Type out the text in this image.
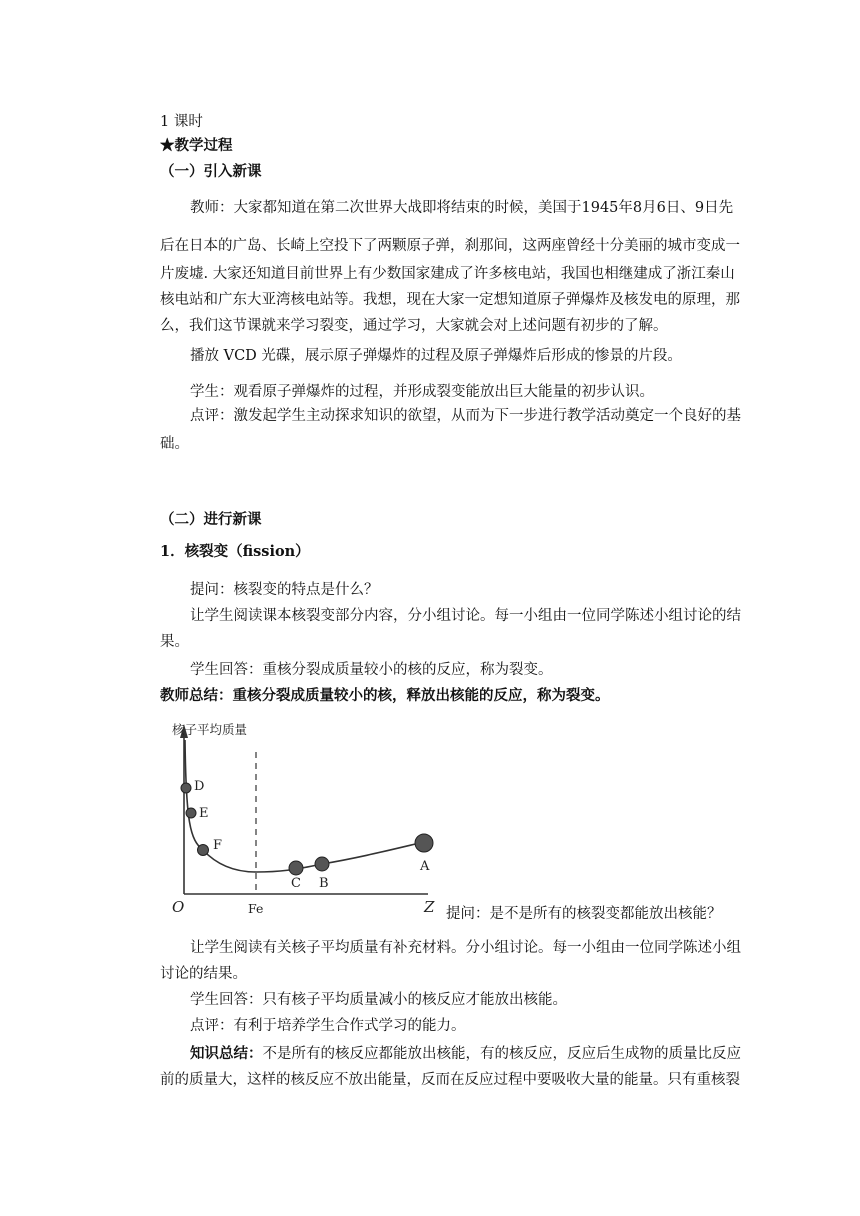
1 课时
★教学过程
（一）引入新课
教师：大家都知道在第二次世界大战即将结束的时候，美国于1945年8月6日、9日先
后在日本的广岛、长崎上空投下了两颗原子弹，刹那间，这两座曾经十分美丽的城市变成一
片废墟. 大家还知道目前世界上有少数国家建成了许多核电站，我国也相继建成了浙江秦山
核电站和广东大亚湾核电站等。我想，现在大家一定想知道原子弹爆炸及核发电的原理，那
么，我们这节课就来学习裂变，通过学习，大家就会对上述问题有初步的了解。
播放 VCD 光碟，展示原子弹爆炸的过程及原子弹爆炸后形成的惨景的片段。
学生：观看原子弹爆炸的过程，并形成裂变能放出巨大能量的初步认识。
点评：激发起学生主动探求知识的欲望，从而为下一步进行教学活动奠定一个良好的基
础。
（二）进行新课
1．核裂变（fission）
提问：核裂变的特点是什么？
让学生阅读课本核裂变部分内容，分小组讨论。每一小组由一位同学陈述小组讨论的结
果。
学生回答：重核分裂成质量较小的核的反应，称为裂变。
教师总结：重核分裂成质量较小的核，释放出核能的反应，称为裂变。
核子平均质量
Z
O	Fe
D
E
F
C B
A
提问：是不是所有的核裂变都能放出核能？
让学生阅读有关核子平均质量有补充材料。分小组讨论。每一小组由一位同学陈述小组
讨论的结果。
学生回答：只有核子平均质量减小的核反应才能放出核能。
点评：有利于培养学生合作式学习的能力。
知识总结：不是所有的核反应都能放出核能，有的核反应，反应后生成物的质量比反应
前的质量大，这样的核反应不放出能量，反而在反应过程中要吸收大量的能量。只有重核裂
